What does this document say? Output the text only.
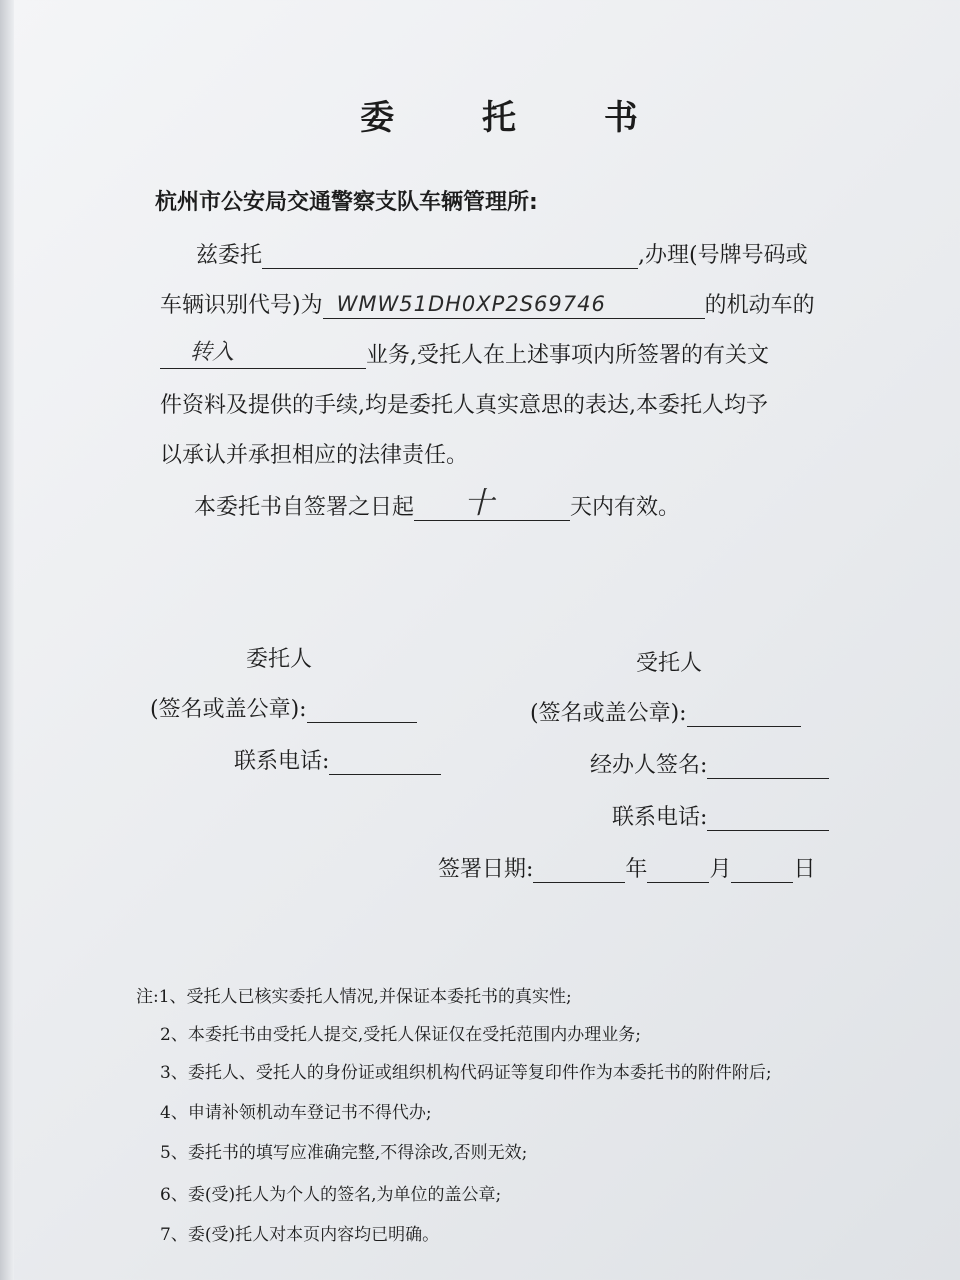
委 托 书
杭州市公安局交通警察支队车辆管理所:
兹委托	,办理(号牌号码或
车辆识别代号)为 WMW51DH0XP2S69746	的机动车的
转入	业务,受托人在上述事项内所签署的有关文
件资料及提供的手续,均是委托人真实意思的表达,本委托人均予
以承认并承担相应的法律责任。
本委托书自签署之日起 十	天内有效。
委托人
(签名或盖公章):
联系电话:
受托人
(签名或盖公章):
经办人签名:
联系电话:
签署日期:	年	月	日
注:1、受托人已核实委托人情况,并保证本委托书的真实性;
2、本委托书由受托人提交,受托人保证仅在受托范围内办理业务;
3、委托人、受托人的身份证或组织机构代码证等复印件作为本委托书的附件附后;
4、申请补领机动车登记书不得代办;
5、委托书的填写应准确完整,不得涂改,否则无效;
6、委(受)托人为个人的签名,为单位的盖公章;
7、委(受)托人对本页内容均已明确。
